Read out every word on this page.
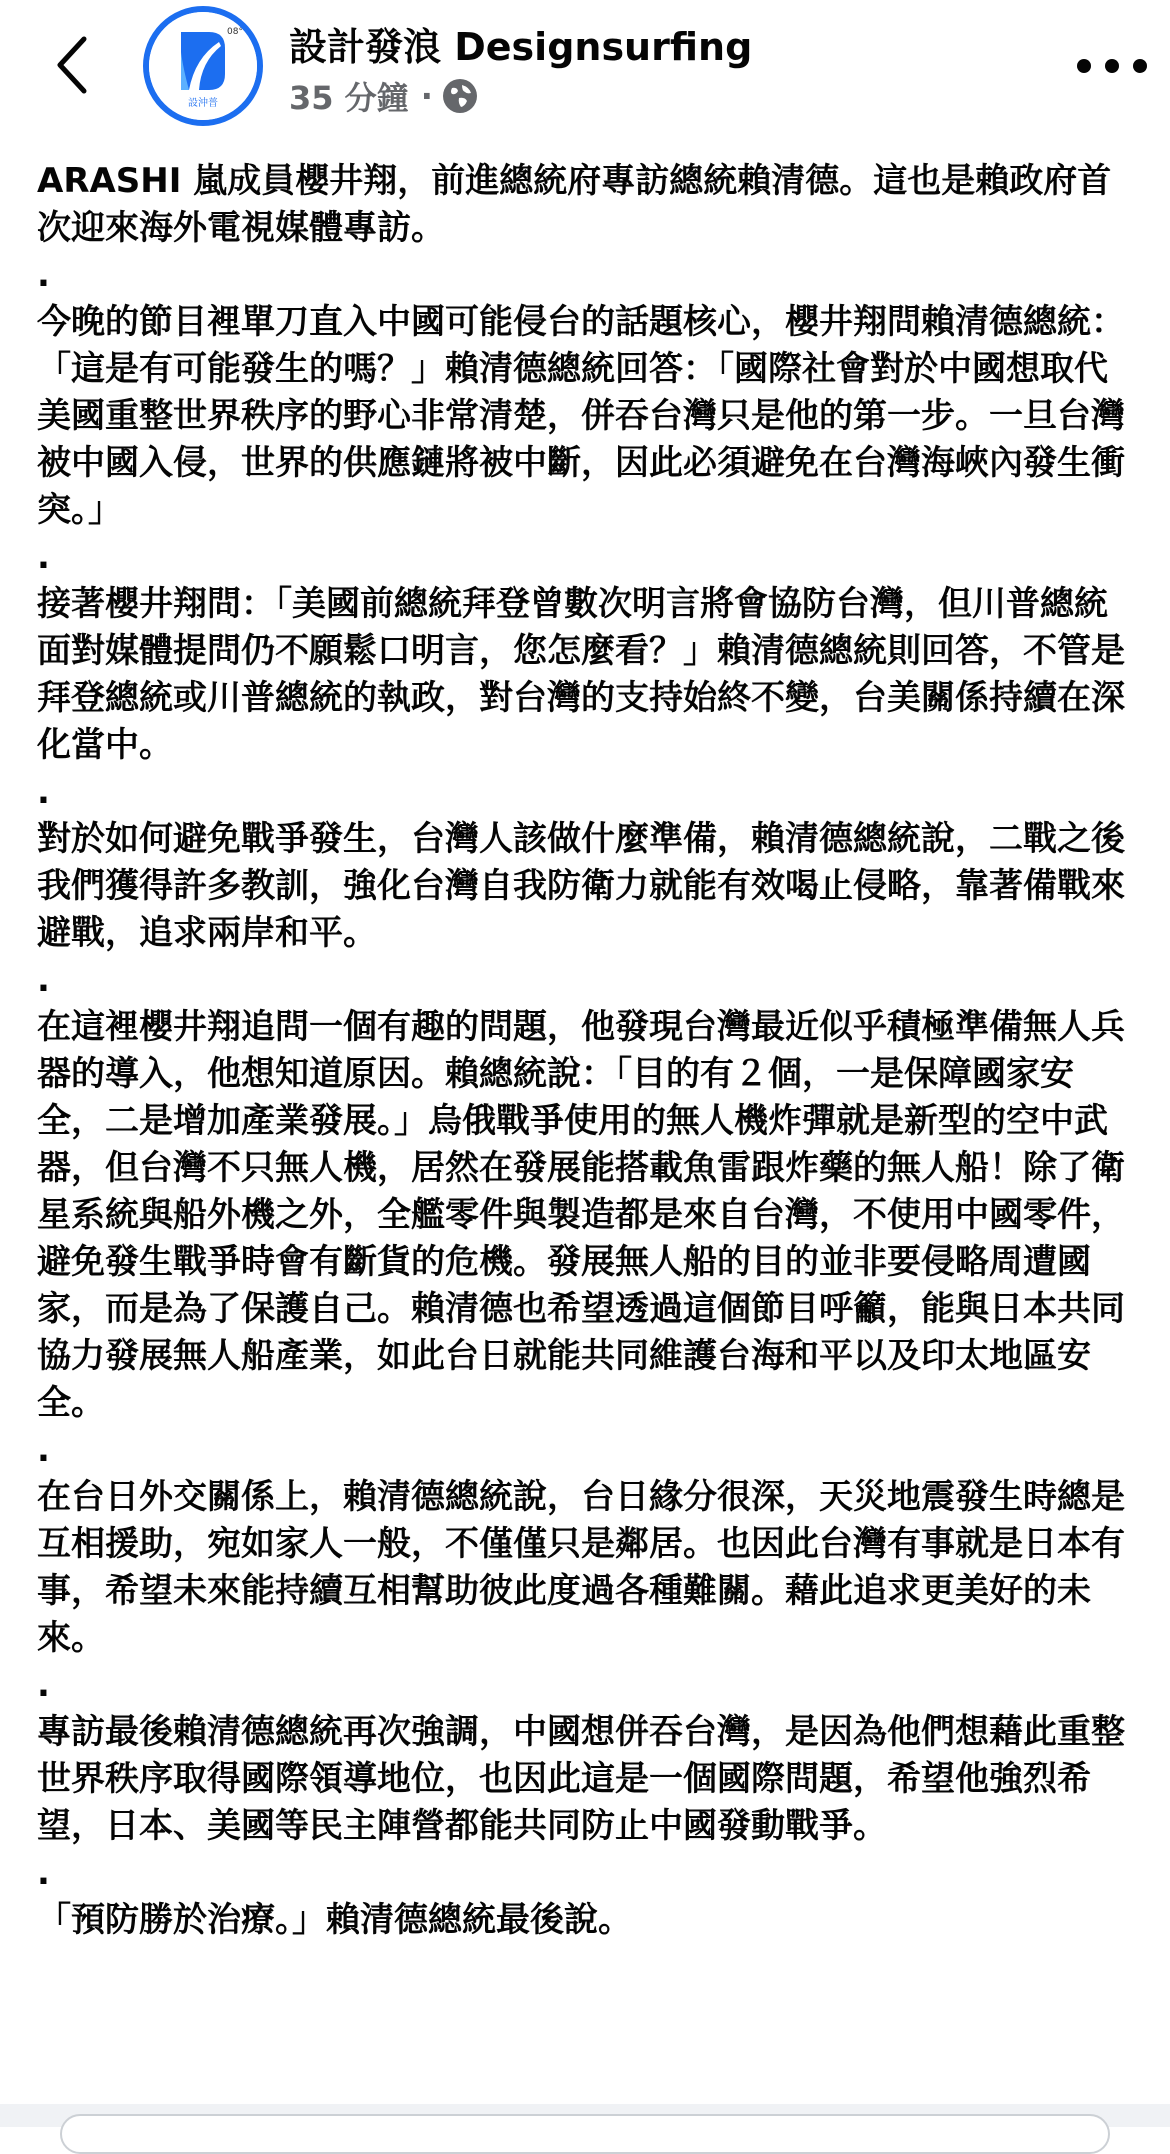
08°
設沖普
設計發浪 Designsurfing
35 分鐘 ·

ARASHI 嵐成員櫻井翔，前進總統府專訪總統賴清德。這也是賴政府首次迎來海外電視媒體專訪。

.

今晚的節目裡單刀直入中國可能侵台的話題核心，櫻井翔問賴清德總統：「這是有可能發生的嗎？」賴清德總統回答：「國際社會對於中國想取代美國重整世界秩序的野心非常清楚，併吞台灣只是他的第一步。一旦台灣被中國入侵，世界的供應鏈將被中斷，因此必須避免在台灣海峽內發生衝突。」

.

接著櫻井翔問：「美國前總統拜登曾數次明言將會協防台灣，但川普總統面對媒體提問仍不願鬆口明言，您怎麼看？」賴清德總統則回答，不管是拜登總統或川普總統的執政，對台灣的支持始終不變，台美關係持續在深化當中。

.

對於如何避免戰爭發生，台灣人該做什麼準備，賴清德總統說，二戰之後我們獲得許多教訓，強化台灣自我防衛力就能有效喝止侵略，靠著備戰來避戰，追求兩岸和平。

.

在這裡櫻井翔追問一個有趣的問題，他發現台灣最近似乎積極準備無人兵器的導入，他想知道原因。賴總統說：「目的有２個，一是保障國家安全，二是增加產業發展。」烏俄戰爭使用的無人機炸彈就是新型的空中武器，但台灣不只無人機，居然在發展能搭載魚雷跟炸藥的無人船！除了衛星系統與船外機之外，全艦零件與製造都是來自台灣，不使用中國零件，避免發生戰爭時會有斷貨的危機。發展無人船的目的並非要侵略周遭國家，而是為了保護自己。賴清德也希望透過這個節目呼籲，能與日本共同協力發展無人船產業，如此台日就能共同維護台海和平以及印太地區安全。

.

在台日外交關係上，賴清德總統說，台日緣分很深，天災地震發生時總是互相援助，宛如家人一般，不僅僅只是鄰居。也因此台灣有事就是日本有事，希望未來能持續互相幫助彼此度過各種難關。藉此追求更美好的未來。

.

專訪最後賴清德總統再次強調，中國想併吞台灣，是因為他們想藉此重整世界秩序取得國際領導地位，也因此這是一個國際問題，希望他強烈希望，日本、美國等民主陣營都能共同防止中國發動戰爭。

.

「預防勝於治療。」賴清德總統最後說。
